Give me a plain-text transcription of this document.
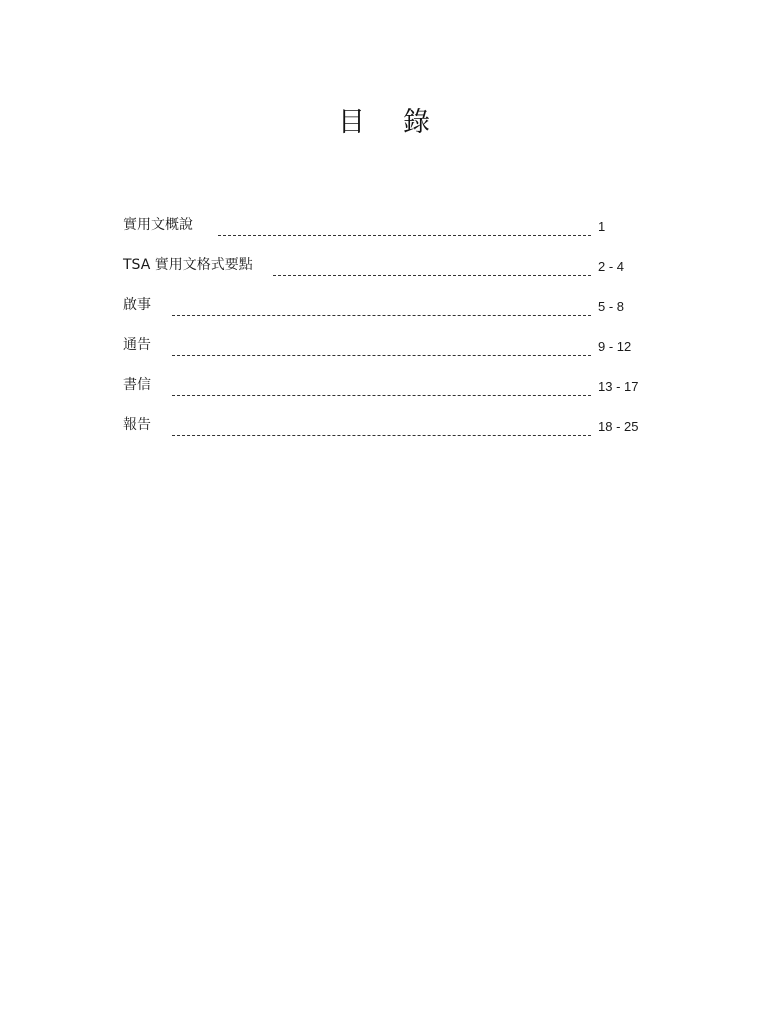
目 錄
實用文概說	1
TSA 實用文格式要點	2 - 4
啟事	5 - 8
通告	9 - 12
書信	13 - 17
報告	18 - 25
